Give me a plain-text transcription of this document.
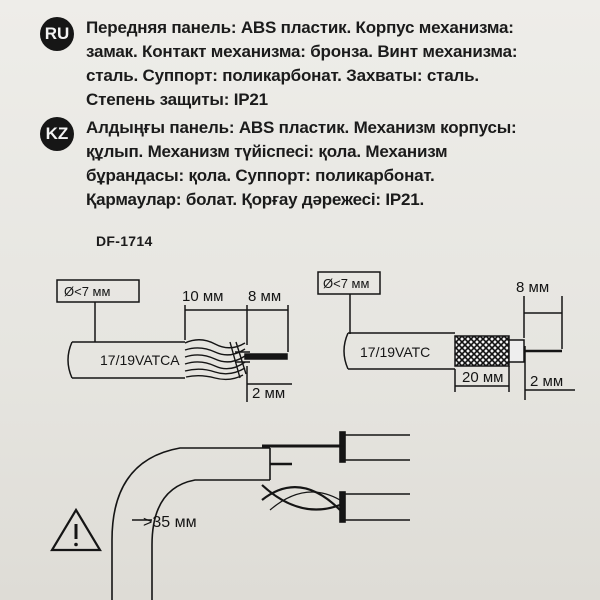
RU Передняя панель: ABS пластик. Корпус механизма:
замак. Контакт механизма: бронза. Винт механизма:
сталь. Суппорт: поликарбонат. Захваты: сталь.
Степень защиты: IP21
KZ	Алдыңғы панель: ABS пластик. Механизм корпусы:
құлып. Механизм түйіспесі: қола. Механизм
бұрандасы: қола. Суппорт: поликарбонат.
Қармаулар: болат. Қорғау дәрежесі: IP21.
DF-1714
Ø<7 мм
17/19VATCA
10 мм 8 мм
2 мм
Ø<7 мм
17/19VATC
8 мм
20 мм 2 мм
>35 мм
